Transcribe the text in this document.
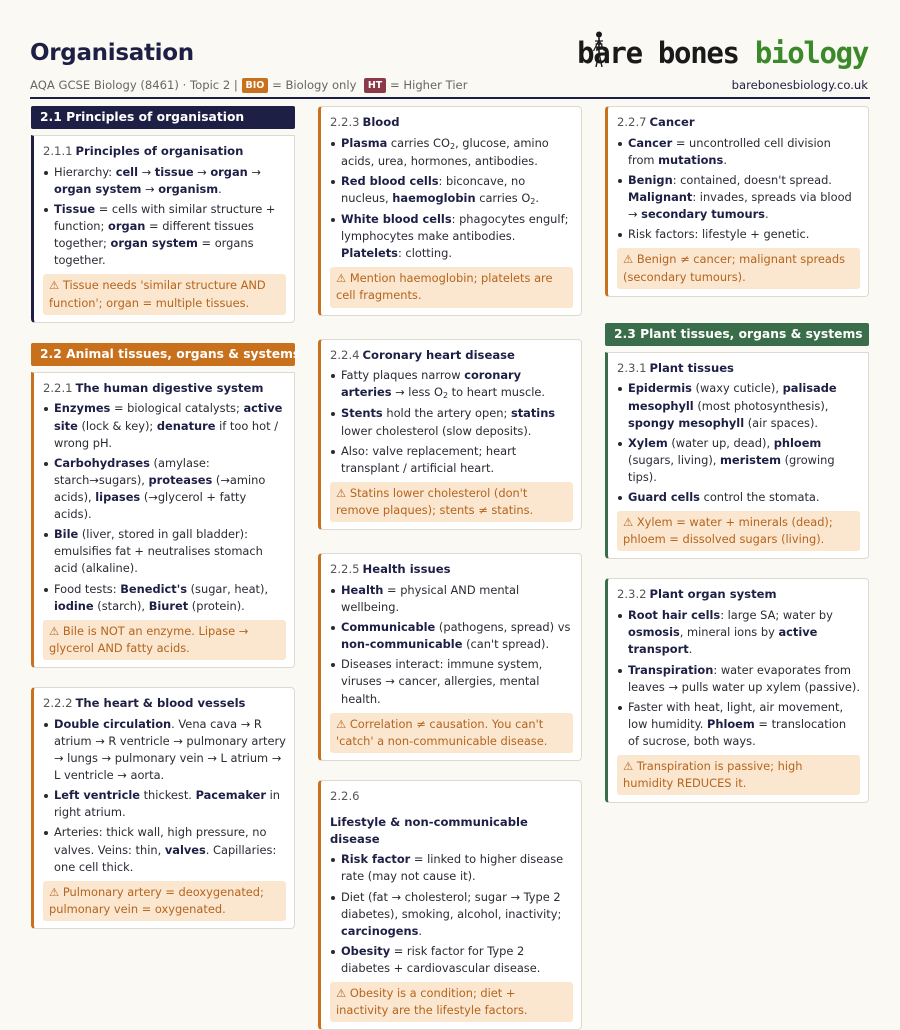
Organisation
AQA GCSE Biology (8461) · Topic 2 | BIO = Biology only HT = Higher Tier
bare bones biology
barebonesbiology.co.uk
2.1 Principles of organisation
2.1.1 Principles of organisation
Hierarchy: cell → tissue → organ → organ system → organism.
Tissue = cells with similar structure + function; organ = different tissues together; organ system = organs together.
⚠ Tissue needs 'similar structure AND function'; organ = multiple tissues.
2.2 Animal tissues, organs & systems
2.2.1 The human digestive system
Enzymes = biological catalysts; active site (lock & key); denature if too hot / wrong pH.
Carbohydrases (amylase: starch→sugars), proteases (→amino acids), lipases (→glycerol + fatty acids).
Bile (liver, stored in gall bladder): emulsifies fat + neutralises stomach acid (alkaline).
Food tests: Benedict's (sugar, heat), iodine (starch), Biuret (protein).
⚠ Bile is NOT an enzyme. Lipase → glycerol AND fatty acids.
2.2.2 The heart & blood vessels
Double circulation. Vena cava → R atrium → R ventricle → pulmonary artery → lungs → pulmonary vein → L atrium → L ventricle → aorta.
Left ventricle thickest. Pacemaker in right atrium.
Arteries: thick wall, high pressure, no valves. Veins: thin, valves. Capillaries: one cell thick.
⚠ Pulmonary artery = deoxygenated; pulmonary vein = oxygenated.
2.2.3 Blood
Plasma carries $CO_2$, glucose, amino acids, urea, hormones, antibodies.
Red blood cells: biconcave, no nucleus, haemoglobin carries $O_2$.
White blood cells: phagocytes engulf; lymphocytes make antibodies. Platelets: clotting.
⚠ Mention haemoglobin; platelets are cell fragments.
2.2.4 Coronary heart disease
Fatty plaques narrow coronary arteries → less $O_2$ to heart muscle.
Stents hold the artery open; statins lower cholesterol (slow deposits).
Also: valve replacement; heart transplant / artificial heart.
⚠ Statins lower cholesterol (don't remove plaques); stents ≠ statins.
2.2.5 Health issues
Health = physical AND mental wellbeing.
Communicable (pathogens, spread) vs non-communicable (can't spread).
Diseases interact: immune system, viruses → cancer, allergies, mental health.
⚠ Correlation ≠ causation. You can't 'catch' a non-communicable disease.
2.2.6
Lifestyle & non-communicable disease
Risk factor = linked to higher disease rate (may not cause it).
Diet (fat → cholesterol; sugar → Type 2 diabetes), smoking, alcohol, inactivity; carcinogens.
Obesity = risk factor for Type 2 diabetes + cardiovascular disease.
⚠ Obesity is a condition; diet + inactivity are the lifestyle factors.
2.2.7 Cancer
Cancer = uncontrolled cell division from mutations.
Benign: contained, doesn't spread. Malignant: invades, spreads via blood → secondary tumours.
Risk factors: lifestyle + genetic.
⚠ Benign ≠ cancer; malignant spreads (secondary tumours).
2.3 Plant tissues, organs & systems
2.3.1 Plant tissues
Epidermis (waxy cuticle), palisade mesophyll (most photosynthesis), spongy mesophyll (air spaces).
Xylem (water up, dead), phloem (sugars, living), meristem (growing tips).
Guard cells control the stomata.
⚠ Xylem = water + minerals (dead); phloem = dissolved sugars (living).
2.3.2 Plant organ system
Root hair cells: large SA; water by osmosis, mineral ions by active transport.
Transpiration: water evaporates from leaves → pulls water up xylem (passive).
Faster with heat, light, air movement, low humidity. Phloem = translocation of sucrose, both ways.
⚠ Transpiration is passive; high humidity REDUCES it.
